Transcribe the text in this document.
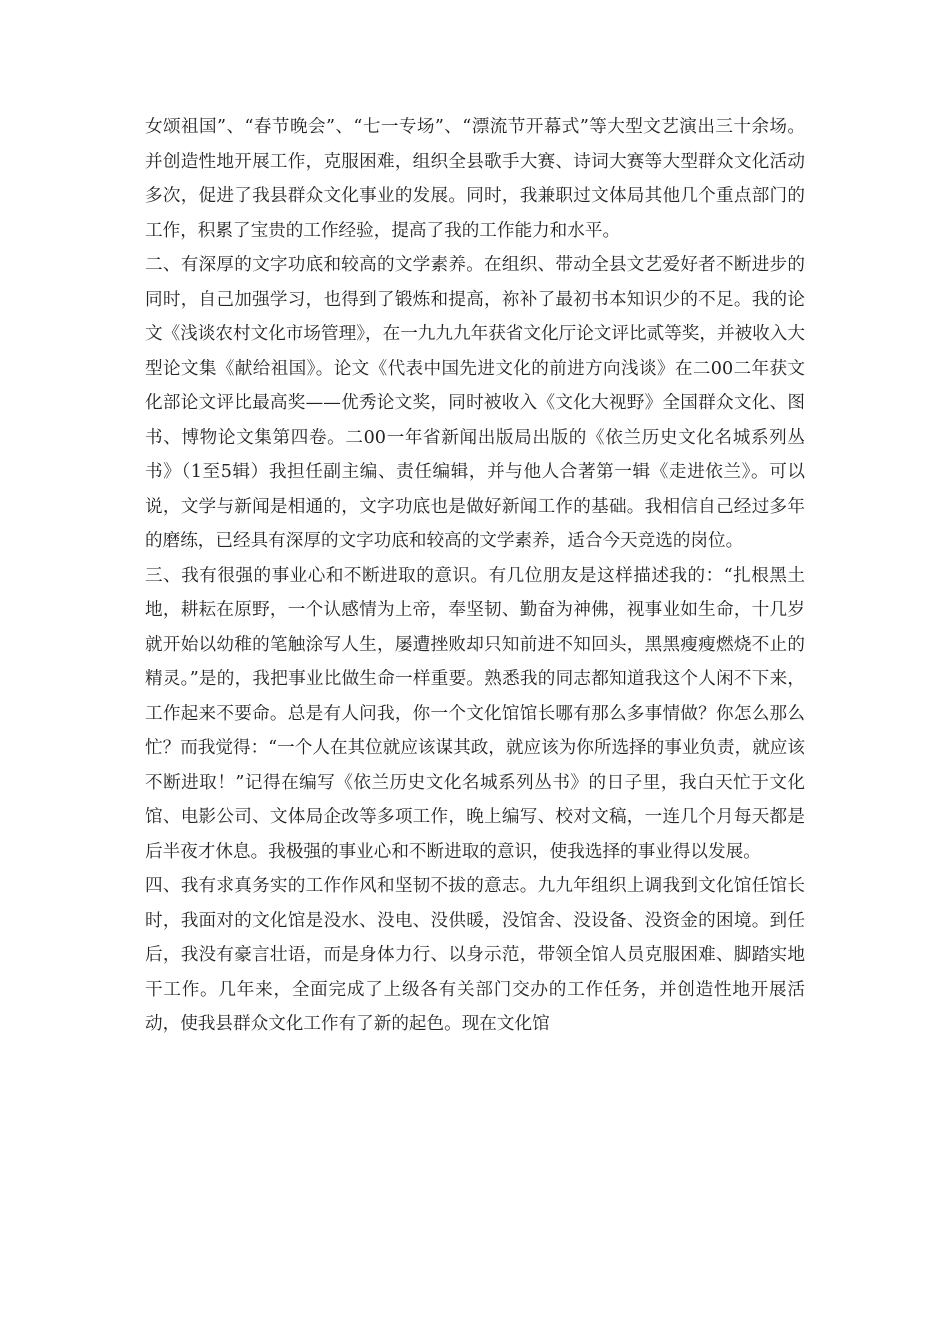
女颂祖国”、“春节晚会”、“七一专场”、“漂流节开幕式”等大型文艺演出三十余场。并创造性地开展工作，克服困难，组织全县歌手大赛、诗词大赛等大型群众文化活动多次，促进了我县群众文化事业的发展。同时，我兼职过文体局其他几个重点部门的工作，积累了宝贵的工作经验，提高了我的工作能力和水平。

二、有深厚的文字功底和较高的文学素养。在组织、带动全县文艺爱好者不断进步的同时，自己加强学习，也得到了锻炼和提高，祢补了最初书本知识少的不足。我的论文《浅谈农村文化市场管理》，在一九九九年获省文化厅论文评比贰等奖，并被收入大型论文集《献给祖国》。论文《代表中国先进文化的前进方向浅谈》在二00二年获文化部论文评比最高奖——优秀论文奖，同时被收入《文化大视野》全国群众文化、图书、博物论文集第四卷。二00一年省新闻出版局出版的《依兰历史文化名城系列丛书》（1至5辑）我担任副主编、责任编辑，并与他人合著第一辑《走进依兰》。可以说，文学与新闻是相通的，文字功底也是做好新闻工作的基础。我相信自己经过多年的磨练，已经具有深厚的文字功底和较高的文学素养，适合今天竞选的岗位。

三、我有很强的事业心和不断进取的意识。有几位朋友是这样描述我的：“扎根黑土地，耕耘在原野，一个认感情为上帝，奉坚韧、勤奋为神佛，视事业如生命，十几岁就开始以幼稚的笔触涂写人生，屡遭挫败却只知前进不知回头，黑黑瘦瘦燃烧不止的精灵。”是的，我把事业比做生命一样重要。熟悉我的同志都知道我这个人闲不下来，工作起来不要命。总是有人问我，你一个文化馆馆长哪有那么多事情做？你怎么那么忙？而我觉得：“一个人在其位就应该谋其政，就应该为你所选择的事业负责，就应该不断进取！”记得在编写《依兰历史文化名城系列丛书》的日子里，我白天忙于文化馆、电影公司、文体局企改等多项工作，晚上编写、校对文稿，一连几个月每天都是后半夜才休息。我极强的事业心和不断进取的意识，使我选择的事业得以发展。

四、我有求真务实的工作作风和坚韧不拔的意志。九九年组织上调我到文化馆任馆长时，我面对的文化馆是没水、没电、没供暖，没馆舍、没设备、没资金的困境。到任后，我没有豪言壮语，而是身体力行、以身示范，带领全馆人员克服困难、脚踏实地干工作。几年来，全面完成了上级各有关部门交办的工作任务，并创造性地开展活动，使我县群众文化工作有了新的起色。现在文化馆
